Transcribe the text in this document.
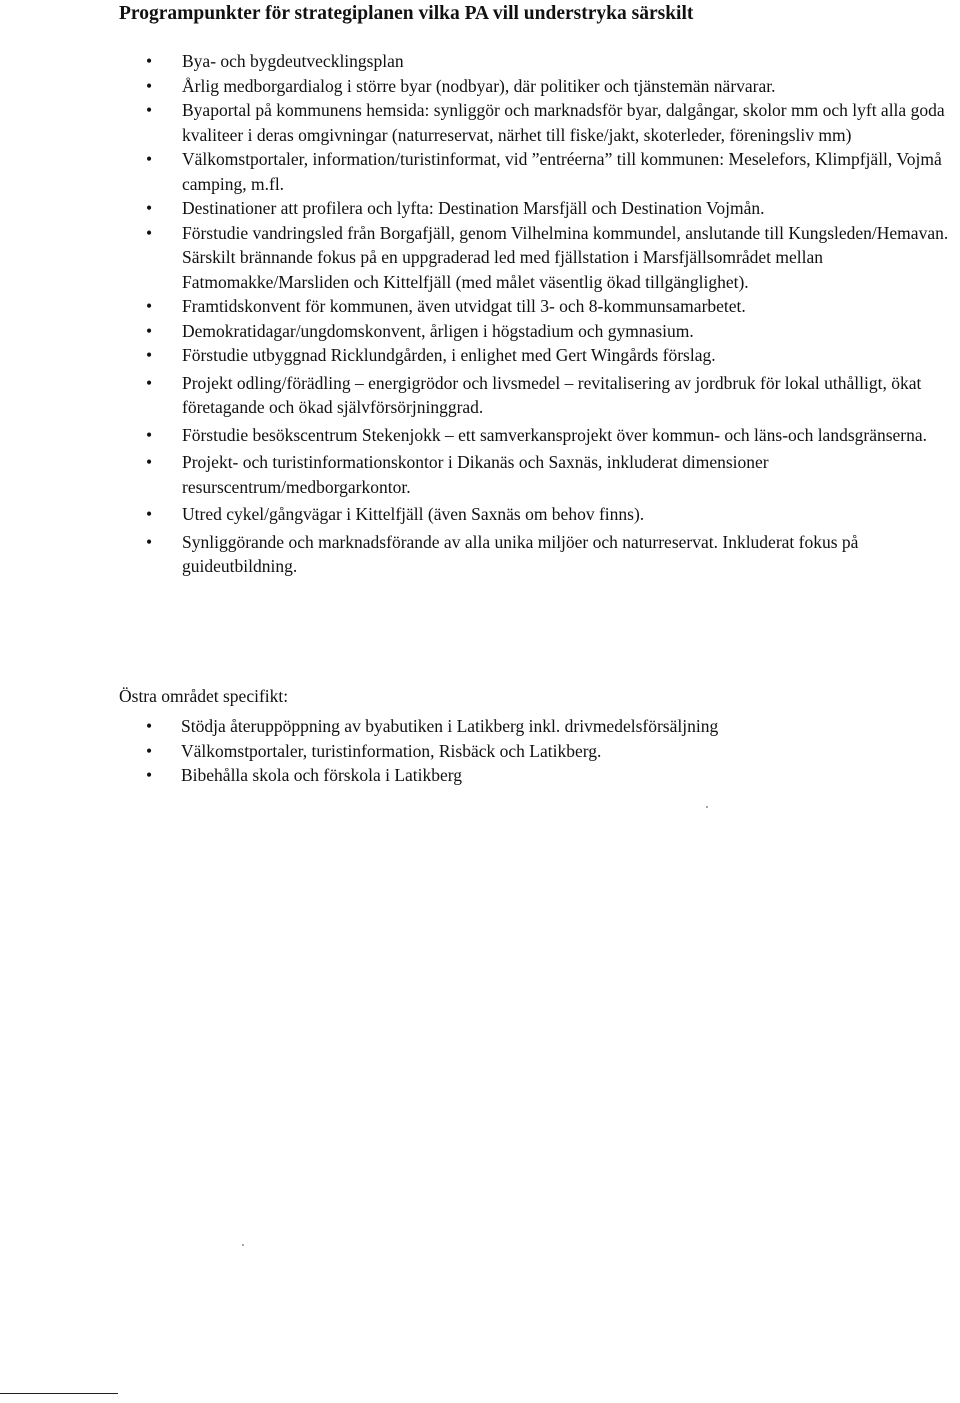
Programpunkter för strategiplanen vilka PA vill understryka särskilt
• Bya- och bygdeutvecklingsplan
• Årlig medborgardialog i större byar (nodbyar), där politiker och tjänstemän närvarar.
• Byaportal på kommunens hemsida: synliggör och marknadsför byar, dalgångar, skolor mm och lyft alla goda kvaliteer i deras omgivningar (naturreservat, närhet till fiske/jakt, skoterleder, föreningsliv mm)
• Välkomstportaler, information/turistinformat, vid ”entréerna” till kommunen: Meselefors, Klimpfjäll, Vojmå camping, m.fl.
• Destinationer att profilera och lyfta: Destination Marsfjäll och Destination Vojmån.
• Förstudie vandringsled från Borgafjäll, genom Vilhelmina kommundel, anslutande till Kungsleden/Hemavan. Särskilt brännande fokus på en uppgraderad led med fjällstation i Marsfjällsområdet mellan Fatmomakke/Marsliden och Kittelfjäll (med målet väsentlig ökad tillgänglighet).
• Framtidskonvent för kommunen, även utvidgat till 3- och 8-kommunsamarbetet.
• Demokratidagar/ungdomskonvent, årligen i högstadium och gymnasium.
• Förstudie utbyggnad Ricklundgården, i enlighet med Gert Wingårds förslag.
• Projekt odling/förädling – energigrödor och livsmedel – revitalisering av jordbruk för lokal uthålligt, ökat företagande och ökad självförsörjninggrad.
• Förstudie besökscentrum Stekenjokk – ett samverkansprojekt över kommun- och läns-och landsgränserna.
• Projekt- och turistinformationskontor i Dikanäs och Saxnäs, inkluderat dimensioner resurscentrum/medborgarkontor.
• Utred cykel/gångvägar i Kittelfjäll (även Saxnäs om behov finns).
• Synliggörande och marknadsförande av alla unika miljöer och naturreservat. Inkluderat fokus på guideutbildning.
Östra området specifikt:
• Stödja återuppöppning av byabutiken i Latikberg inkl. drivmedelsförsäljning
• Välkomstportaler, turistinformation, Risbäck och Latikberg.
• Bibehålla skola och förskola i Latikberg
